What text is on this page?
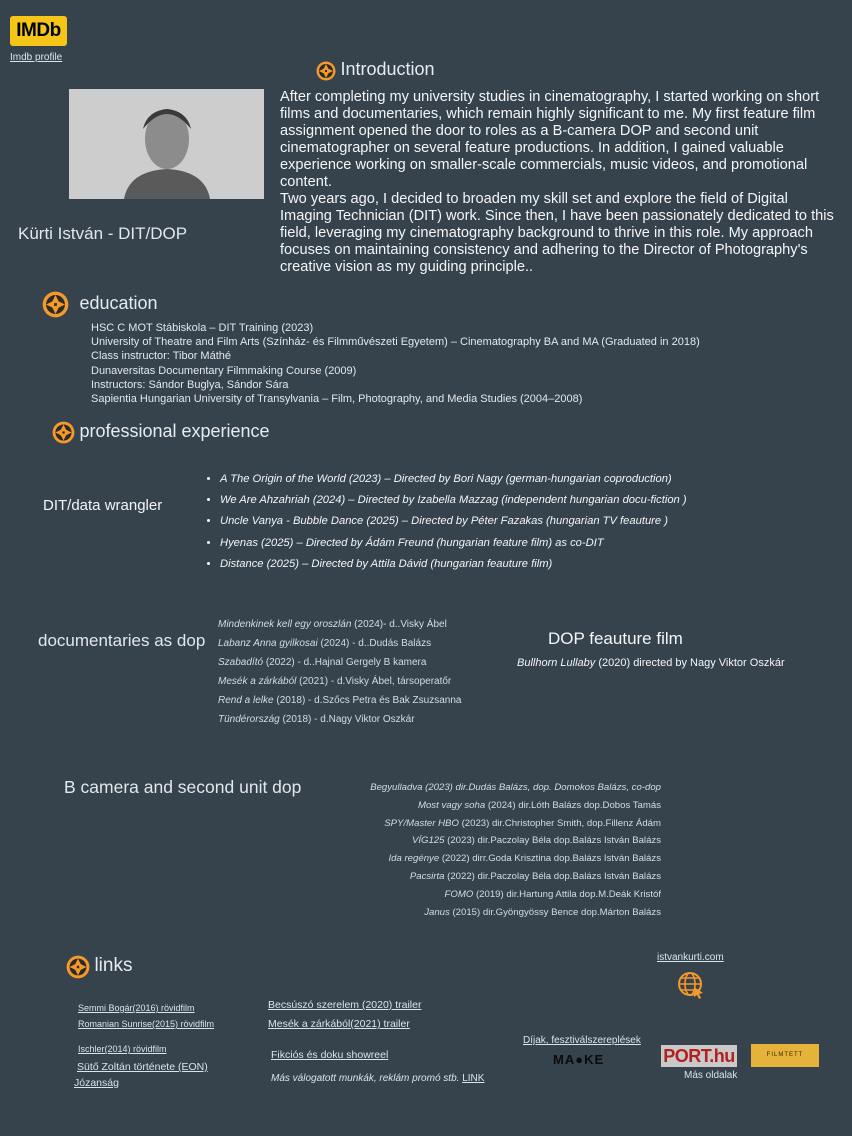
IMDb
Imdb profile
Introduction

After completing my university studies in cinematography, I started working on short films and documentaries, which remain highly significant to me. My first feature film assignment opened the door to roles as a B-camera DOP and second unit cinematographer on several feature productions. In addition, I gained valuable experience working on smaller-scale commercials, music videos, and promotional content.

Two years ago, I decided to broaden my skill set and explore the field of Digital Imaging Technician (DIT) work. Since then, I have been passionately dedicated to this field, leveraging my cinematography background to thrive in this role. My approach focuses on maintaining consistency and adhering to the Director of Photography's creative vision as my guiding principle..

Kürti István - DIT/DOP
education
HSC C MOT Stábiskola – DIT Training (2023)
University of Theatre and Film Arts (Színház- és Filmművészeti Egyetem) – Cinematography BA and MA (Graduated in 2018)
Class instructor: Tibor Máthé
Dunaversitas Documentary Filmmaking Course (2009)
Instructors: Sándor Buglya, Sándor Sára
Sapientia Hungarian University of Transylvania – Film, Photography, and Media Studies (2004–2008)
professional experience
DIT/data wrangler
• A The Origin of the World (2023) – Directed by Bori Nagy (german-hungarian coproduction)
• We Are Ahzahriah (2024) – Directed by Izabella Mazzag (independent hungarian docu-fiction )
• Uncle Vanya - Bubble Dance (2025) – Directed by Péter Fazakas (hungarian TV feauture )
• Hyenas (2025) – Directed by Ádám Freund (hungarian feature film) as co-DIT
• Distance (2025) – Directed by Attila Dávid (hungarian feauture film)
documentaries as dop
Mindenkinek kell egy oroszlán (2024)- d..Visky Ábel
Labanz Anna gyilkosai (2024) - d..Dudás Balázs
Szabadító (2022) - d..Hajnal Gergely B kamera
Mesék a zárkából (2021) - d.Visky Ábel, társoperatőr
Rend a lelke (2018) - d.Szőcs Petra és Bak Zsuzsanna
Tündérország (2018) - d.Nagy Viktor Oszkár
DOP feauture film
Bullhorn Lullaby (2020) directed by Nagy Viktor Oszkár
B camera and second unit dop	Begyulladva (2023) dir.Dudás Balázs, dop. Domokos Balázs, co-dop
Most vagy soha (2024) dir.Lóth Balázs dop.Dobos Tamás
SPY/Master HBO (2023) dir.Christopher Smith, dop.Fillenz Ádám
VÍG125 (2023) dir.Paczolay Béla dop.Balázs István Balázs
Ida regénye (2022) dirr.Goda Krisztina dop.Balázs István Balázs
Pacsirta (2022) dir.Paczolay Béla dop.Balázs István Balázs
FOMO (2019) dir.Hartung Attila dop.M.Deák Kristóf
Janus (2015) dir.Gyöngyössy Bence dop.Márton Balázs
links
Semmi Bogár(2016) rövidfilm
Romanian Sunrise(2015) rövidfilm
Ischler(2014) rövidfilm
Sütő Zoltán története (EON)
Józanság
Becsúszó szerelem (2020) trailer
Mesék a zárkából(2021) trailer
Fikciós és doku showreel
Más válogatott munkák, reklám promó stb. LINK
istvankurti.com
Díjak, fesztiválszereplések
MA●KE	PORT.hu	FILMTETT
Más oldalak
